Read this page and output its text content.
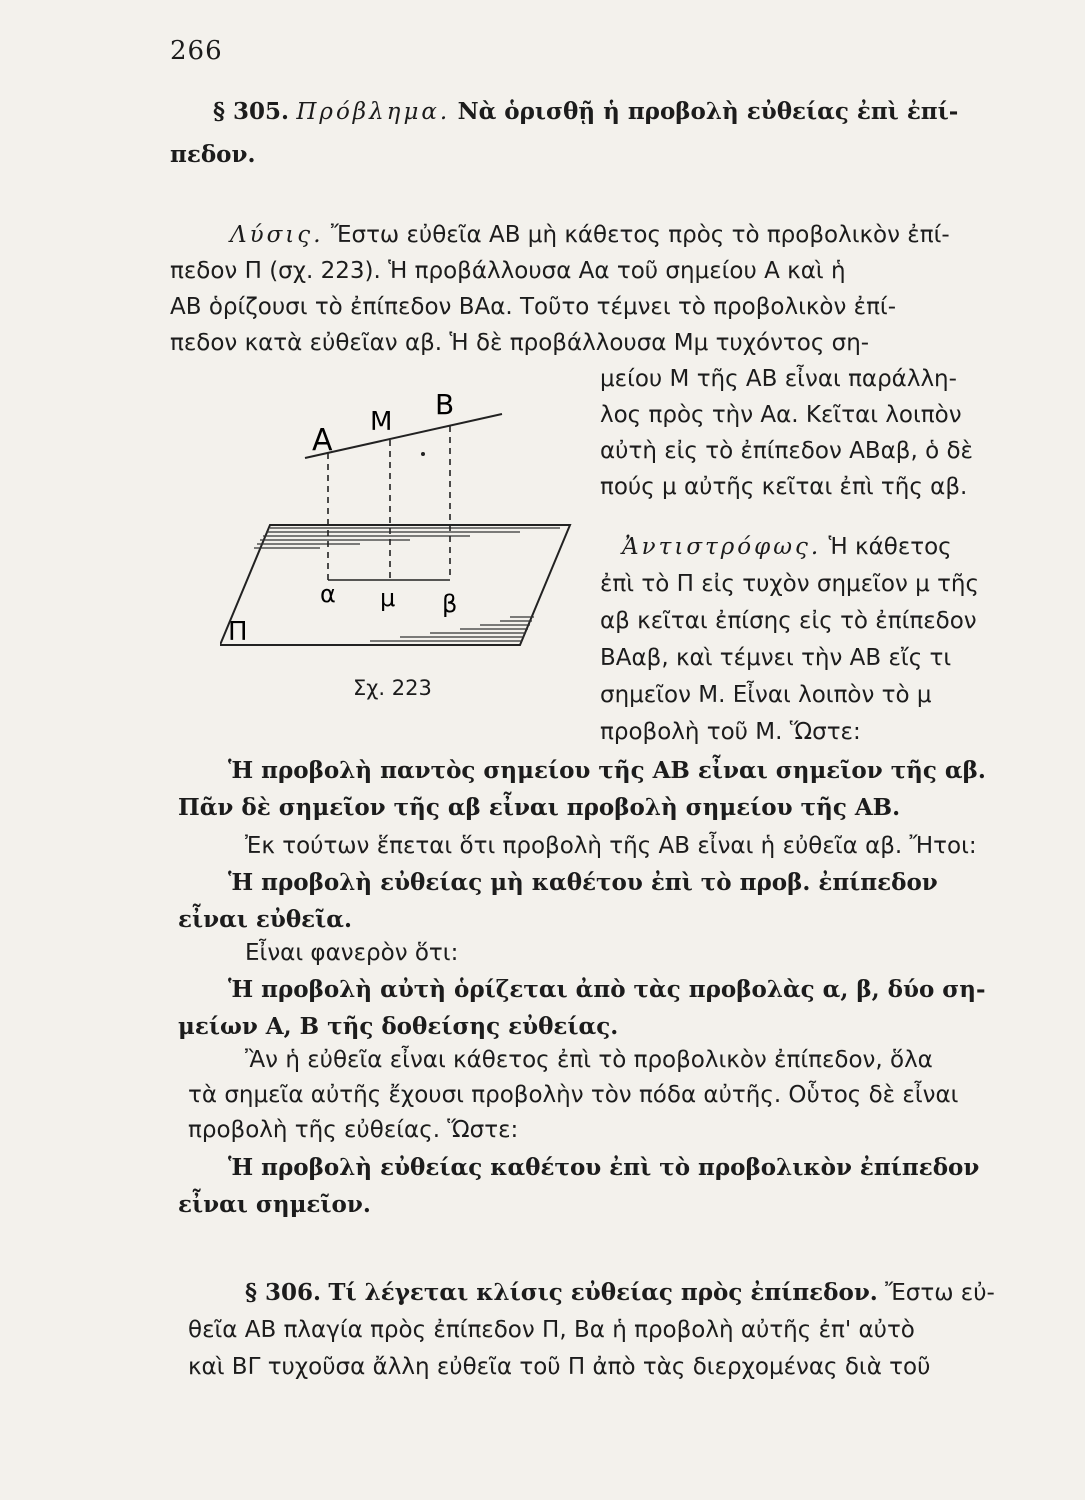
266
§ 305. Πρόβλημα. Νὰ ὁρισθῇ ἡ προβολὴ εὐθείας ἐπὶ ἐπί-
πεδον.
Λύσις. Ἔστω εὐθεῖα ΑΒ μὴ κάθετος πρὸς τὸ προβολικὸν ἐπί-
πεδον Π (σχ. 223). Ἡ προβάλλουσα Αα τοῦ σημείου Α καὶ ἡ
ΑΒ ὁρίζουσι τὸ ἐπίπεδον ΒΑα. Τοῦτο τέμνει τὸ προβολικὸν ἐπί-
πεδον κατὰ εὐθεῖαν αβ. Ἡ δὲ προβάλλουσα Μμ τυχόντος ση-
μείου Μ τῆς ΑΒ εἶναι παράλλη-
λος πρὸς τὴν Αα. Κεῖται λοιπὸν
αὐτὴ εἰς τὸ ἐπίπεδον ΑΒαβ, ὁ δὲ
πούς μ αὐτῆς κεῖται ἐπὶ τῆς αβ.
Α
Μ
Β
α μ β
Π
Σχ. 223
Ἀντιστρόφως. Ἡ κάθετος
ἐπὶ τὸ Π εἰς τυχὸν σημεῖον μ τῆς
αβ κεῖται ἐπίσης εἰς τὸ ἐπίπεδον
ΒΑαβ, καὶ τέμνει τὴν ΑΒ εἴς τι
σημεῖον Μ. Εἶναι λοιπὸν τὸ μ
προβολὴ τοῦ Μ. Ὥστε:
Ἡ προβολὴ παντὸς σημείου τῆς ΑΒ εἶναι σημεῖον τῆς αβ.
Πᾶν δὲ σημεῖον τῆς αβ εἶναι προβολὴ σημείου τῆς ΑΒ.
Ἐκ τούτων ἕπεται ὅτι προβολὴ τῆς ΑΒ εἶναι ἡ εὐθεῖα αβ. Ἤτοι:
Ἡ προβολὴ εὐθείας μὴ καθέτου ἐπὶ τὸ προβ. ἐπίπεδον
εἶναι εὐθεῖα.
Εἶναι φανερὸν ὅτι:
Ἡ προβολὴ αὐτὴ ὁρίζεται ἀπὸ τὰς προβολὰς α, β, δύο ση-
μείων Α, Β τῆς δοθείσης εὐθείας.
Ἂν ἡ εὐθεῖα εἶναι κάθετος ἐπὶ τὸ προβολικὸν ἐπίπεδον, ὅλα
τὰ σημεῖα αὐτῆς ἔχουσι προβολὴν τὸν πόδα αὐτῆς. Οὗτος δὲ εἶναι
προβολὴ τῆς εὐθείας. Ὥστε:
Ἡ προβολὴ εὐθείας καθέτου ἐπὶ τὸ προβολικὸν ἐπίπεδον
εἶναι σημεῖον.
§ 306. Τί λέγεται κλίσις εὐθείας πρὸς ἐπίπεδον. Ἔστω εὐ-
θεῖα ΑΒ πλαγία πρὸς ἐπίπεδον Π, Βα ἡ προβολὴ αὐτῆς ἐπ' αὐτὸ
καὶ ΒΓ τυχοῦσα ἄλλη εὐθεῖα τοῦ Π ἀπὸ τὰς διερχομένας διὰ τοῦ
